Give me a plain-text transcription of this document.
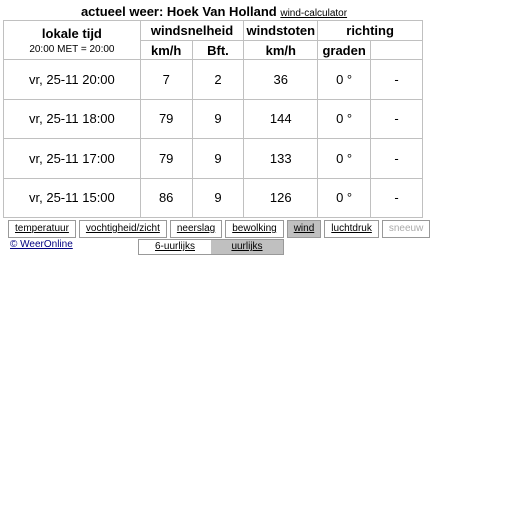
actueel weer: Hoek Van Holland wind-calculator
lokale tijd
20:00 MET = 20:00	windsnelheid		windstoten	richting	
	km/h	Bft.	km/h	graden	
vr, 25-11 20:00	7	2	36	0 °	-
vr, 25-11 18:00	79	9	144	0 °	-
vr, 25-11 17:00	79	9	133	0 °	-
vr, 25-11 15:00	86	9	126	0 °	-
temperatuur	vochtigheid/zicht	neerslag	bewolking	wind	luchtdruk	sneeuw
© WeerOnline	6-uurlijks	uurlijks
